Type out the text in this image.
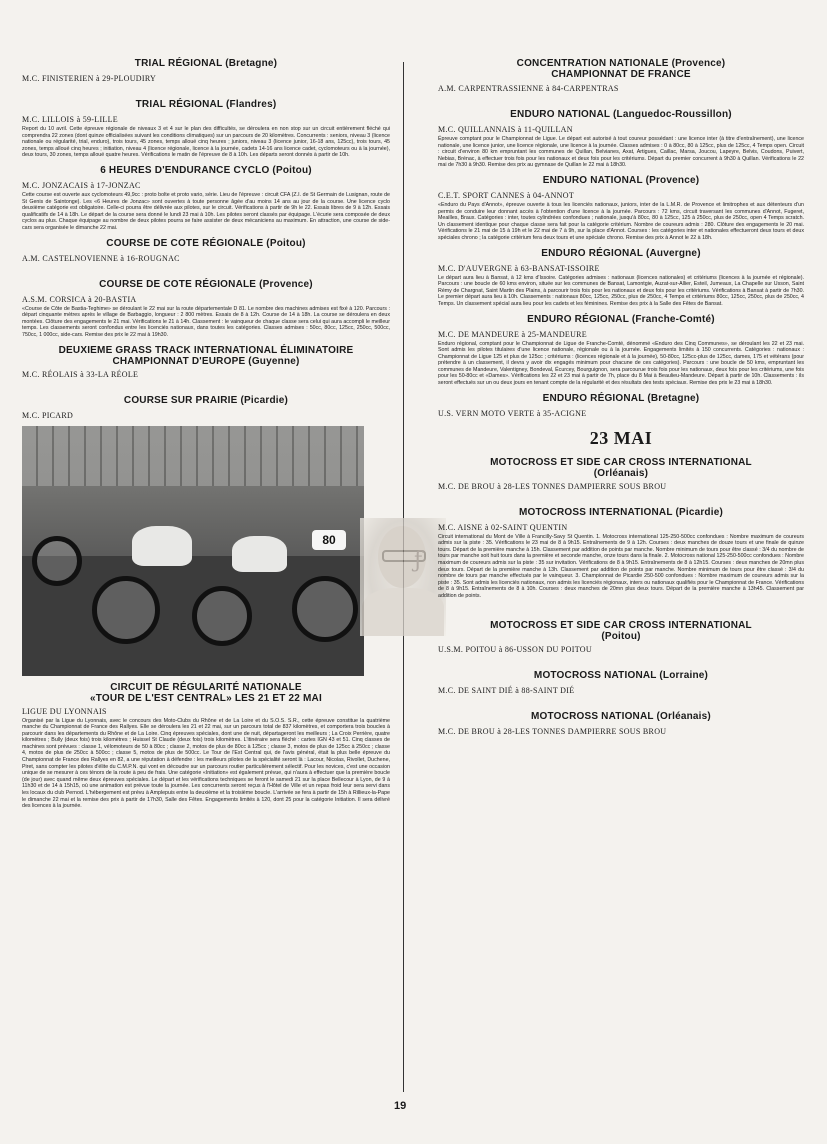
TRIAL RÉGIONAL (Bretagne)
M.C. FINISTERIEN à 29-PLOUDIRY
TRIAL RÉGIONAL (Flandres)
M.C. LILLOIS à 59-LILLE

Report du 10 avril. Cette épreuve régionale de niveaux 3 et 4 sur le plan des difficultés, se déroulera en non stop sur un circuit entièrement fléché qui comprendra 22 zones (dont quinze officialisées suivant les conditions climatiques) sur un parcours de 20 kilomètres. Concurrents : seniors, niveau 3 (licence nationale ou régularité, trial, enduro), trois tours, 45 zones, temps alloué cinq heures ; juniors, niveau 3 (licence junior, 16-18 ans, 125cc), trois tours, 45 zones, temps alloué cinq heures ; initiation, niveau 4 (licence régionale, licence à la journée, cadets 14-16 ans licence cadet, cyclomoteurs ou à la journée), deux tours, 30 zones, temps alloué quatre heures. Vérifications le matin de l'épreuve de 8 à 10h. Les départs seront donnés à partir de 10h.

6 HEURES D'ENDURANCE CYCLO (Poitou)
M.C. JONZACAIS à 17-JONZAC

Cette course est ouverte aux cyclomoteurs 49,9cc : proto bolte et proto vario, série. Lieu de l'épreuve : circuit CFA (Z.I. de St Germain de Lusignan, route de St Genis de Saintonge). Les «6 Heures de Jonzac» sont ouvertes à toute personne âgée d'au moins 14 ans au jour de la course. Une licence cyclo deuxième catégorie est obligatoire. Celle-ci pourra être délivrée aux pilotes, sur le circuit. Vérifications à partir de 9h le 22. Essais libres de 9 à 12h. Essais qualificatifs de 14 à 18h. Le départ de la course sera donné le lundi 23 mai à 10h. Les pilotes seront classés par équipage. L'écurie sera composée de deux cyclos au plus. Chaque équipage au nombre de deux pilotes pourra se faire assister de deux mécaniciens au maximum. En attraction, une course de side-cars sera organisée le dimanche 22 mai.

COURSE DE COTE RÉGIONALE (Poitou)
A.M. CASTELNOVIENNE à 16-ROUGNAC
COURSE DE COTE RÉGIONALE (Provence)
A.S.M. CORSICA à 20-BASTIA

«Course de Côte de Bastia-Teghime» se déroulant le 22 mai sur la route départementale D 81. Le nombre des machines admises est fixé à 120. Parcours : départ cinquante mètres après le village de Barbaggio, longueur : 2 800 mètres. Essais de 8 à 12h. Course de 14 à 18h. La course se déroulera en deux montées. Clôture des engagements le 21 mai. Vérifications le 21 à 14h. Classement : le vainqueur de chaque classe sera celui qui aura accompli le meilleur temps. Les classements seront confondus entre les licenciés nationaux, dans toutes les catégories. Classes admises : 50cc, 80cc, 125cc, 250cc, 500cc, 750cc, 1 000cc, side-cars. Remise des prix le 22 mai à 19h30.

DEUXIEME GRASS TRACK INTERNATIONAL ÉLIMINATOIRE
CHAMPIONNAT D'EUROPE (Guyenne)
M.C. RÉOLAIS à 33-LA RÉOLE
COURSE SUR PRAIRIE (Picardie)
M.C. PICARD
80
CIRCUIT DE RÉGULARITÉ NATIONALE
«TOUR DE L'EST CENTRAL» LES 21 ET 22 MAI
LIGUE DU LYONNAIS

Organisé par la Ligue du Lyonnais, avec le concours des Moto-Clubs du Rhône et de La Loire et du S.O.S. S.R., cette épreuve constitue la quatrième manche du Championnat de France des Rallyes. Elle se déroulera les 21 et 22 mai, sur un parcours total de 837 kilomètres, et comportera trois boucles à parcourir dans les départements du Rhône et de La Loire. Cinq épreuves spéciales, dont une de nuit, départageront les meilleurs ; La Croix Perrière, quatre kilomètres ; Bully (deux fois) trois kilomètres ; Huissel St Claude (deux fois) trois kilomètres. L'itinéraire sera fléché : cartes IGN 43 et 51. Cinq classes de machines sont prévues : classe 1, vélomoteurs de 50 à 80cc ; classe 2, motos de plus de 80cc à 125cc ; classe 3, motos de plus de 125cc à 250cc ; classe 4, motos de plus de 250cc à 500cc ; classe 5, motos de plus de 500cc. Le Tour de l'Est Central qui, de l'avis général, était la plus belle épreuve du Championnat de France des Rallyes en 82, a une réputation à défendre : les meilleurs pilotes de la spécialité seront là : Lacour, Nicolas, Rivollet, Duchene, Piret, sans compter les pilotes d'élite du C.M.P.N. qui vont en découdre sur un parcours routier particulièrement sélectif. Pour les novices, c'est une occasion unique de se mesurer à ces ténors de la route à peu de frais. Une catégorie «Initiation» est également prévue, qui n'aura à effectuer que la première boucle (de jour) avec quand même deux épreuves spéciales. Le départ et les vérifications techniques se feront le samedi 21 sur la place Bellecour à Lyon, de 9 à 11h30 et de 14 à 15h15, où une animation est prévue toute la journée. Les concurrents seront reçus à l'Hôtel de Ville et un repas froid leur sera servi dans les locaux du club Pernod. L'hébergement est prévu à Amplepuis entre la deuxième et la troisième boucle. L'arrivée se fera à partir de 15h à Rillieux-la-Pape le dimanche 22 mai et la remise des prix à partir de 17h30, Salle des Fêtes. Engagements limités à 120, dont 25 pour la catégorie Initiation. Il sera délivré des licences à la journée.

ƒ
CONCENTRATION NATIONALE (Provence)
CHAMPIONNAT DE FRANCE
A.M. CARPENTRASSIENNE à 84-CARPENTRAS
ENDURO NATIONAL (Languedoc-Roussillon)
M.C. QUILLANNAIS à 11-QUILLAN

Épreuve comptant pour le Championnat de Ligue. Le départ est autorisé à tout coureur possédant : une licence inter (à titre d'entraînement), une licence nationale, une licence junior, une licence régionale, une licence à la journée. Classes admises : 0 à 80cc, 80 à 125cc, plus de 125cc, 4 Temps open. Circuit : circuit d'environ 80 km empruntant les communes de Quillan, Belvianes, Axat, Artigues, Caillac, Marsa, Joucou, Lapeyre, Belvis, Coudons, Puivert, Nebias, Brénac, à effectuer trois fois pour les nationaux et deux fois pour les critériums. Départ du premier concurrent à 9h30 à Quillan. Vérifications le 22 mai de 7h30 à 9h30. Remise des prix au gymnase de Quillan le 22 mai à 18h30.

ENDURO NATIONAL (Provence)
C.E.T. SPORT CANNES à 04-ANNOT

«Enduro du Pays d'Annot», épreuve ouverte à tous les licenciés nationaux, juniors, inter de la L.M.R. de Provence et limitrophes et aux détenteurs d'un permis de conduire leur donnant accès à l'obtention d'une licence à la journée. Parcours : 72 kms, circuit traversant les communes d'Annot, Fugeret, Meailles, Braux. Catégories : inter, toutes cylindrées confondues ; nationale, jusqu'à 80cc, 80 à 125cc, 125 à 250cc, plus de 250cc, open 4 Temps scratch. Un classement identique pour chaque classe sera fait pour la catégorie critérium. Nombre de coureurs admis : 280. Clôture des engagements le 20 mai. Vérifications le 21 mai de 15 à 19h et le 22 mai de 7 à 9h, sur la place d'Annot. Courses : les catégories inter et nationales effectueront deux tours et deux spéciales chrono ; la catégorie critérium fera deux tours et une spéciale chrono. Remise des prix à Annot le 22 à 18h.

ENDURO RÉGIONAL (Auvergne)
M.C. D'AUVERGNE à 63-BANSAT-ISSOIRE

Le départ aura lieu à Bansat, à 12 kms d'Issoire. Catégories admises : nationaux (licences nationales) et critériums (licences à la journée et régionale). Parcours : une boucle de 60 kms environ, située sur les communes de Bansat, Lamontgie, Auzat-sur-Allier, Esteil, Jumeaux, La Chapelle sur Usson, Saint Rémy de Chargnat, Saint Martin des Plains, à parcourir trois fois pour les nationaux et deux fois pour les critériums. Vérifications à Bansat à partir de 7h30. Le premier départ aura lieu à 10h. Classements : nationaux 80cc, 125cc, 250cc, plus de 250cc, 4 Temps et critériums 80cc, 125cc, 250cc, plus de 250cc, 4 Temps. Un classement spécial aura lieu pour les cadets et les féminines. Remise des prix à la Salle des Fêtes de Bansat.

ENDURO RÉGIONAL (Franche-Comté)
M.C. DE MANDEURE à 25-MANDEURE

Enduro régional, comptant pour le Championnat de Ligue de Franche-Comté, dénommé «Enduro des Cinq Communes», se déroulant les 22 et 23 mai. Sont admis les pilotes titulaires d'une licence nationale, régionale ou à la journée. Engagements limités à 150 concurrents. Catégories : nationaux : Championnat de Ligue 125 et plus de 125cc ; critériums : (licences régionale et à la journée), 50-80cc, 125cc-plus de 125cc, dames, 175 et vétérans (pour prétendre à un classement, il devra y avoir dix engagés minimum pour chacune de ces catégories). Parcours : une boucle de 50 kms, empruntant les communes de Mandeure, Valentigney, Bondeval, Écurcey, Bourguignon, sera parcourue trois fois pour les nationaux, deux fois pour les critériums, une fois pour les 50-80cc et «Dames». Vérifications les 22 et 23 mai à partir de 7h, place du 8 Mai à Beaulieu-Mandeure. Départ à partir de 10h. Classements : ils seront effectués sur un ou deux jours en tenant compte de la régularité et des résultats des tests spéciaux. Remise des prix le 23 mai à 18h30.

ENDURO RÉGIONAL (Bretagne)
U.S. VERN MOTO VERTE à 35-ACIGNE
23 MAI
MOTOCROSS ET SIDE CAR CROSS INTERNATIONAL
(Orléanais)
M.C. DE BROU à 28-LES TONNES DAMPIERRE SOUS BROU
MOTOCROSS INTERNATIONAL (Picardie)
M.C. AISNE à 02-SAINT QUENTIN

Circuit international du Mont de Ville à Francilly-Savy St Quentin. 1. Motocross international 125-250-500cc confondues : Nombre maximum de coureurs admis sur la piste : 35. Vérifications le 23 mai de 8 à 9h15. Entraînements de 9 à 12h. Courses : deux manches de douze tours et une finale de quinze tours. Départ de la première manche à 15h. Classement par addition de points par manche. Nombre minimum de tours pour être classé : 3/4 du nombre de tours par manche soit huit tours dans la première et seconde manche, onze tours dans la finale. 2. Motocross national 125-250-500cc confondues : Nombre maximum de coureurs admis sur la piste : 35 sur invitation. Vérifications de 8 à 9h15. Entraînements de 8 à 12h15. Courses : deux manches de 20mn plus deux tours. Départ de la première manche à 13h. Classement par addition de points par manche. Nombre minimum de tours pour être classé : 3/4 du nombre de tours par manche effectués par le vainqueur. 3. Championnat de Picardie 250-500 confondues : Nombre maximum de coureurs admis sur la piste : 35. Sont admis les licenciés nationaux, non admis les licenciés régionaux, inters ou nationaux qualifiés pour le Championnat de France. Vérifications de 8 à 9h15. Entraînements de 8 à 10h. Courses : deux manches de 20mn plus deux tours. Départ de la première manche à 13h45. Classement par addition de points.

MOTOCROSS ET SIDE CAR CROSS INTERNATIONAL
(Poitou)
U.S.M. POITOU à 86-USSON DU POITOU
MOTOCROSS NATIONAL (Lorraine)
M.C. DE SAINT DIÉ à 88-SAINT DIÉ
MOTOCROSS NATIONAL (Orléanais)
M.C. DE BROU à 28-LES TONNES DAMPIERRE SOUS BROU
19
